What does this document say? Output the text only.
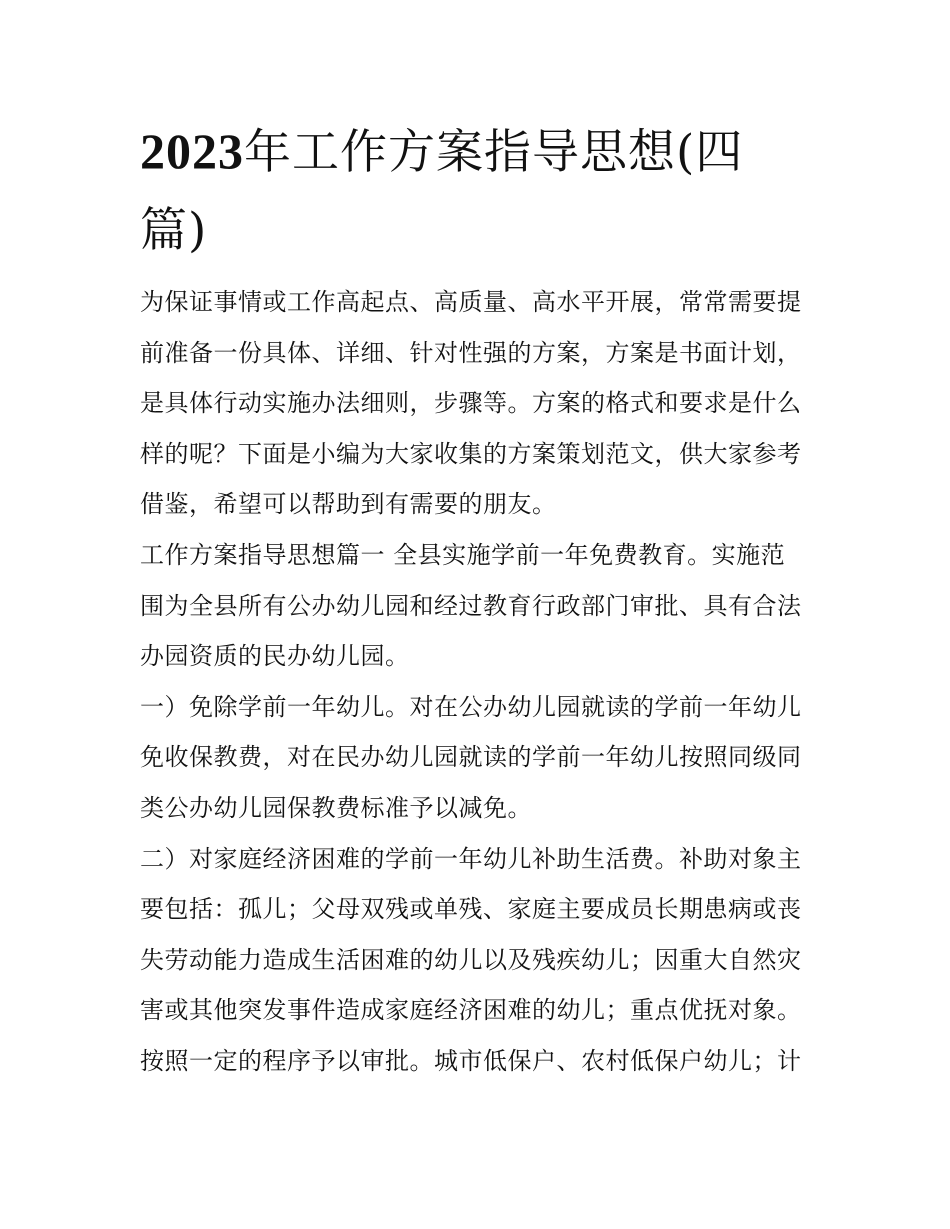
2023年工作方案指导思想(四
篇)
为保证事情或工作高起点、高质量、高水平开展，常常需要提
前准备一份具体、详细、针对性强的方案，方案是书面计划，
是具体行动实施办法细则，步骤等。方案的格式和要求是什么
样的呢？下面是小编为大家收集的方案策划范文，供大家参考
借鉴，希望可以帮助到有需要的朋友。
工作方案指导思想篇一 全县实施学前一年免费教育。实施范
围为全县所有公办幼儿园和经过教育行政部门审批、具有合法
办园资质的民办幼儿园。
一）免除学前一年幼儿。对在公办幼儿园就读的学前一年幼儿
免收保教费，对在民办幼儿园就读的学前一年幼儿按照同级同
类公办幼儿园保教费标准予以减免。
二）对家庭经济困难的学前一年幼儿补助生活费。补助对象主
要包括：孤儿；父母双残或单残、家庭主要成员长期患病或丧
失劳动能力造成生活困难的幼儿以及残疾幼儿；因重大自然灾
害或其他突发事件造成家庭经济困难的幼儿；重点优抚对象。
按照一定的程序予以审批。城市低保户、农村低保户幼儿；计
